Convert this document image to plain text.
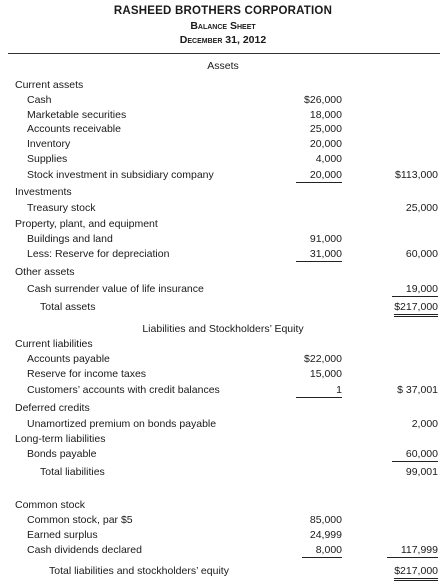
RASHEED BROTHERS CORPORATION
Balance Sheet
December 31, 2012
Assets
Current assets
Cash	$26,000
Marketable securities	18,000
Accounts receivable	25,000
Inventory	20,000
Supplies	4,000
Stock investment in subsidiary company	20,000	$113,000
Investments
Treasury stock	25,000
Property, plant, and equipment
Buildings and land	91,000
Less: Reserve for depreciation	31,000	60,000
Other assets
Cash surrender value of life insurance	19,000
Total assets	$217,000
Liabilities and Stockholders’ Equity
Current liabilities
Accounts payable	$22,000
Reserve for income taxes	15,000
Customers’ accounts with credit balances	1	$ 37,001
Deferred credits
Unamortized premium on bonds payable	2,000
Long-term liabilities
Bonds payable	60,000
Total liabilities	99,001
Common stock
Common stock, par $5	85,000
Earned surplus	24,999
Cash dividends declared	8,000	117,999
Total liabilities and stockholders’ equity	$217,000
